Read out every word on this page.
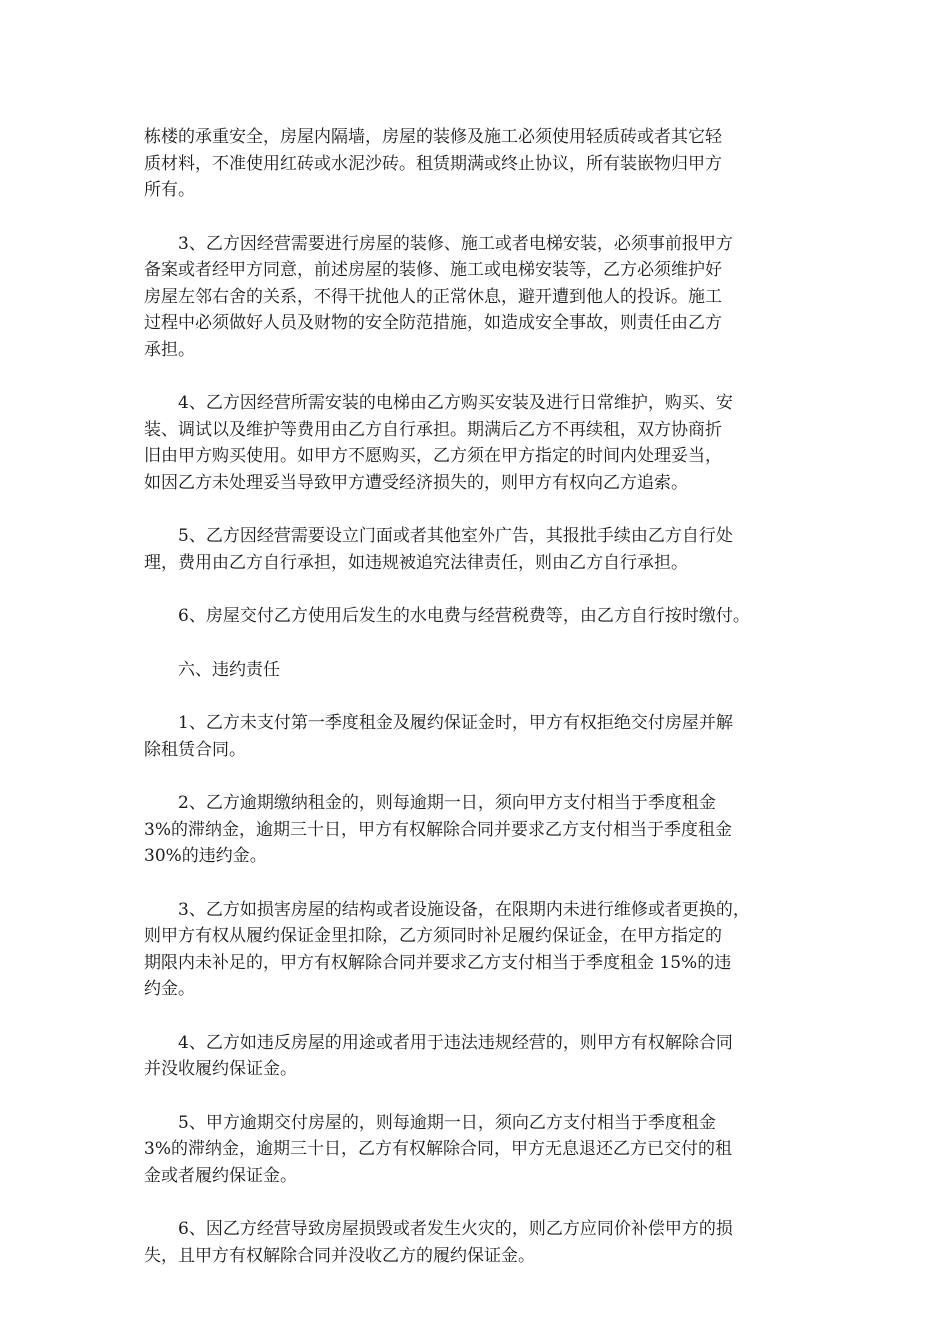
栋楼的承重安全，房屋内隔墙，房屋的装修及施工必须使用轻质砖或者其它轻
质材料，不准使用红砖或水泥沙砖。租赁期满或终止协议，所有装嵌物归甲方
所有。

3、乙方因经营需要进行房屋的装修、施工或者电梯安装，必须事前报甲方
备案或者经甲方同意，前述房屋的装修、施工或电梯安装等，乙方必须维护好
房屋左邻右舍的关系，不得干扰他人的正常休息，避开遭到他人的投诉。施工
过程中必须做好人员及财物的安全防范措施，如造成安全事故，则责任由乙方
承担。

4、乙方因经营所需安装的电梯由乙方购买安装及进行日常维护，购买、安
装、调试以及维护等费用由乙方自行承担。期满后乙方不再续租，双方协商折
旧由甲方购买使用。如甲方不愿购买，乙方须在甲方指定的时间内处理妥当，
如因乙方未处理妥当导致甲方遭受经济损失的，则甲方有权向乙方追索。

5、乙方因经营需要设立门面或者其他室外广告，其报批手续由乙方自行处
理，费用由乙方自行承担，如违规被追究法律责任，则由乙方自行承担。

6、房屋交付乙方使用后发生的水电费与经营税费等，由乙方自行按时缴付。

六、违约责任

1、乙方未支付第一季度租金及履约保证金时，甲方有权拒绝交付房屋并解
除租赁合同。

2、乙方逾期缴纳租金的，则每逾期一日，须向甲方支付相当于季度租金
3%的滞纳金，逾期三十日，甲方有权解除合同并要求乙方支付相当于季度租金
30%的违约金。

3、乙方如损害房屋的结构或者设施设备，在限期内未进行维修或者更换的，
则甲方有权从履约保证金里扣除，乙方须同时补足履约保证金，在甲方指定的
期限内未补足的，甲方有权解除合同并要求乙方支付相当于季度租金 15%的违
约金。

4、乙方如违反房屋的用途或者用于违法违规经营的，则甲方有权解除合同
并没收履约保证金。

5、甲方逾期交付房屋的，则每逾期一日，须向乙方支付相当于季度租金
3%的滞纳金，逾期三十日，乙方有权解除合同，甲方无息退还乙方已交付的租
金或者履约保证金。

6、因乙方经营导致房屋损毁或者发生火灾的，则乙方应同价补偿甲方的损
失，且甲方有权解除合同并没收乙方的履约保证金。
